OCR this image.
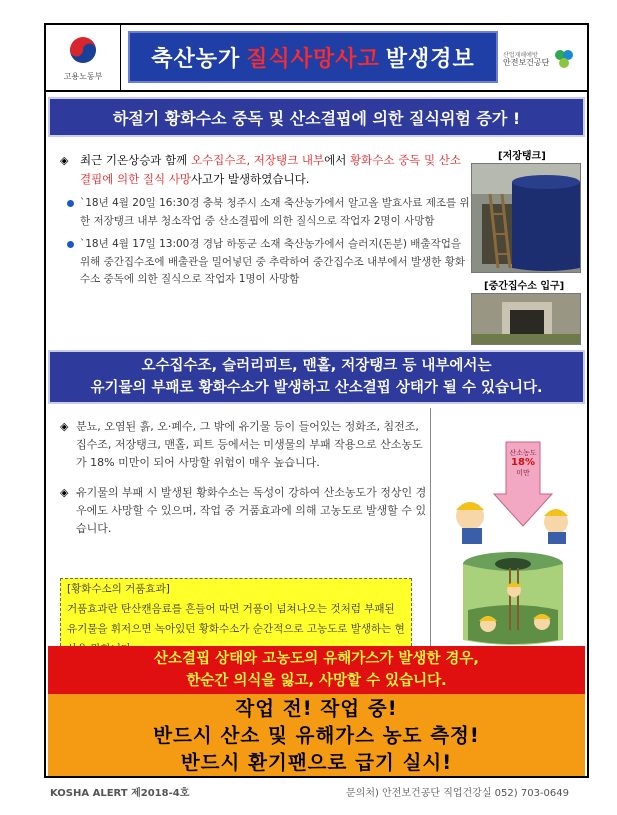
고용노동부
축산농가 질식사망사고 발생경보	산업재해예방
안전보건공단
하절기 황화수소 중독 및 산소결핍에 의한 질식위험 증가 !
◈ 최근 기온상승과 함께 오수집수조, 저장탱크 내부에서 황화수소 중독 및 산소결핍에 의한 질식 사망사고가 발생하였습니다.
`18년 4월 20일 16:30경 충북 청주시 소재 축산농가에서 알고올 발효사료 제조를 위한 저장탱크 내부 청소작업 중 산소결핍에 의한 질식으로 작업자 2명이 사망함
`18년 4월 17일 13:00경 경남 하동군 소재 축산농가에서 슬러지(돈분) 배출작업을 위해 중간집수조에 배출관을 밀어넣던 중 추락하여 중간집수조 내부에서 발생한 황화수소 중독에 의한 질식으로 작업자 1명이 사망함
[저장탱크]
[중간집수소 입구]
오수집수조, 슬러리피트, 맨홀, 저장탱크 등 내부에서는
유기물의 부패로 황화수소가 발생하고 산소결핍 상태가 될 수 있습니다.
◈ 분뇨, 오염된 흙, 오·폐수, 그 밖에 유기물 등이 들어있는 정화조, 침전조, 집수조, 저장탱크, 맨홀, 피트 등에서는 미생물의 부패 작용으로 산소농도가 18% 미만이 되어 사망할 위험이 매우 높습니다.
◈ 유기물의 부패 시 발생된 황화수소는 독성이 강하여 산소농도가 정상인 경우에도 사망할 수 있으며, 작업 중 거품효과에 의해 고농도로 발생할 수 있습니다.
[황화수소의 거품효과]
거품효과란 탄산캔음료를 흔들어 따면 거품이 넘쳐나오는 것처럼 부패된 유기물을 휘저으면 녹아있던 황화수소가 순간적으로 고농도로 발생하는 현
산소농도
18%
미만
산소결핍 상태와 고농도의 유해가스가 발생한 경우,
한순간 의식을 잃고, 사망할 수 있습니다.
작업 전! 작업 중!
반드시 산소 및 유해가스 농도 측정!
반드시 환기팬으로 급기 실시!
KOSHA ALERT 제2018-4호	문의처) 안전보건공단 직업건강실 052) 703-0649
